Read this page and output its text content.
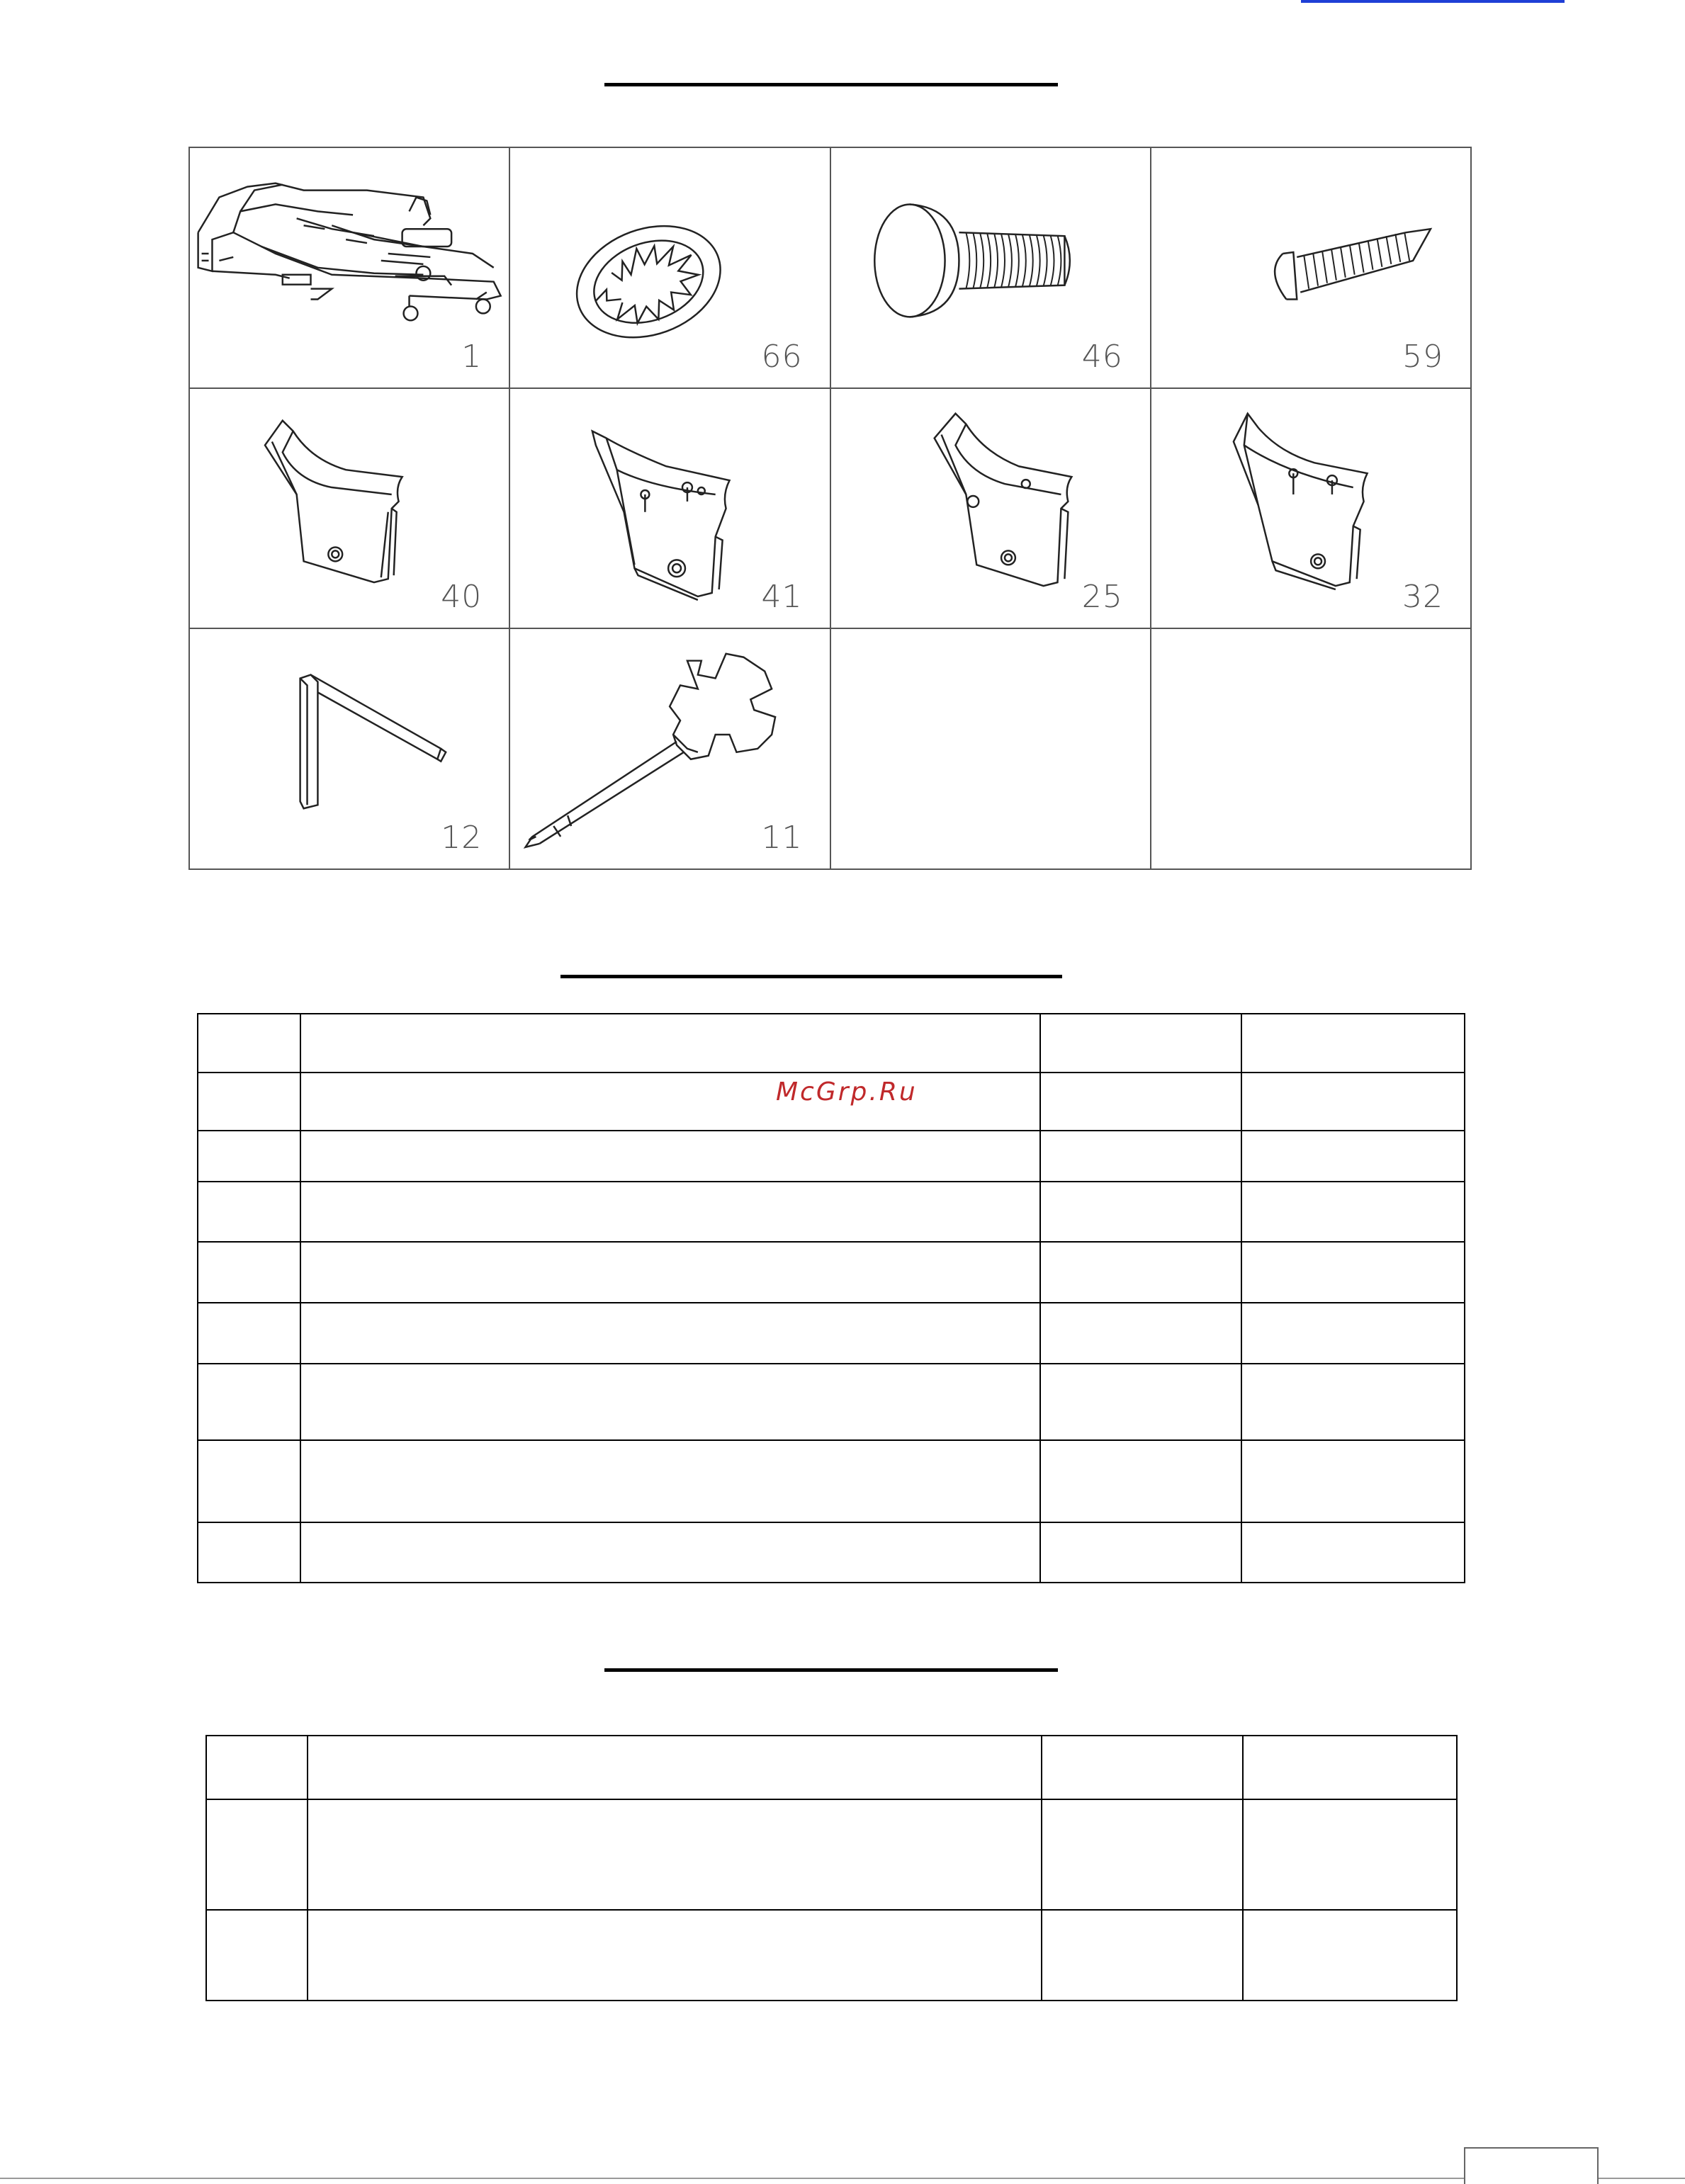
1	66	46	59
40	41	25	32
12	11

McGrp.Ru
